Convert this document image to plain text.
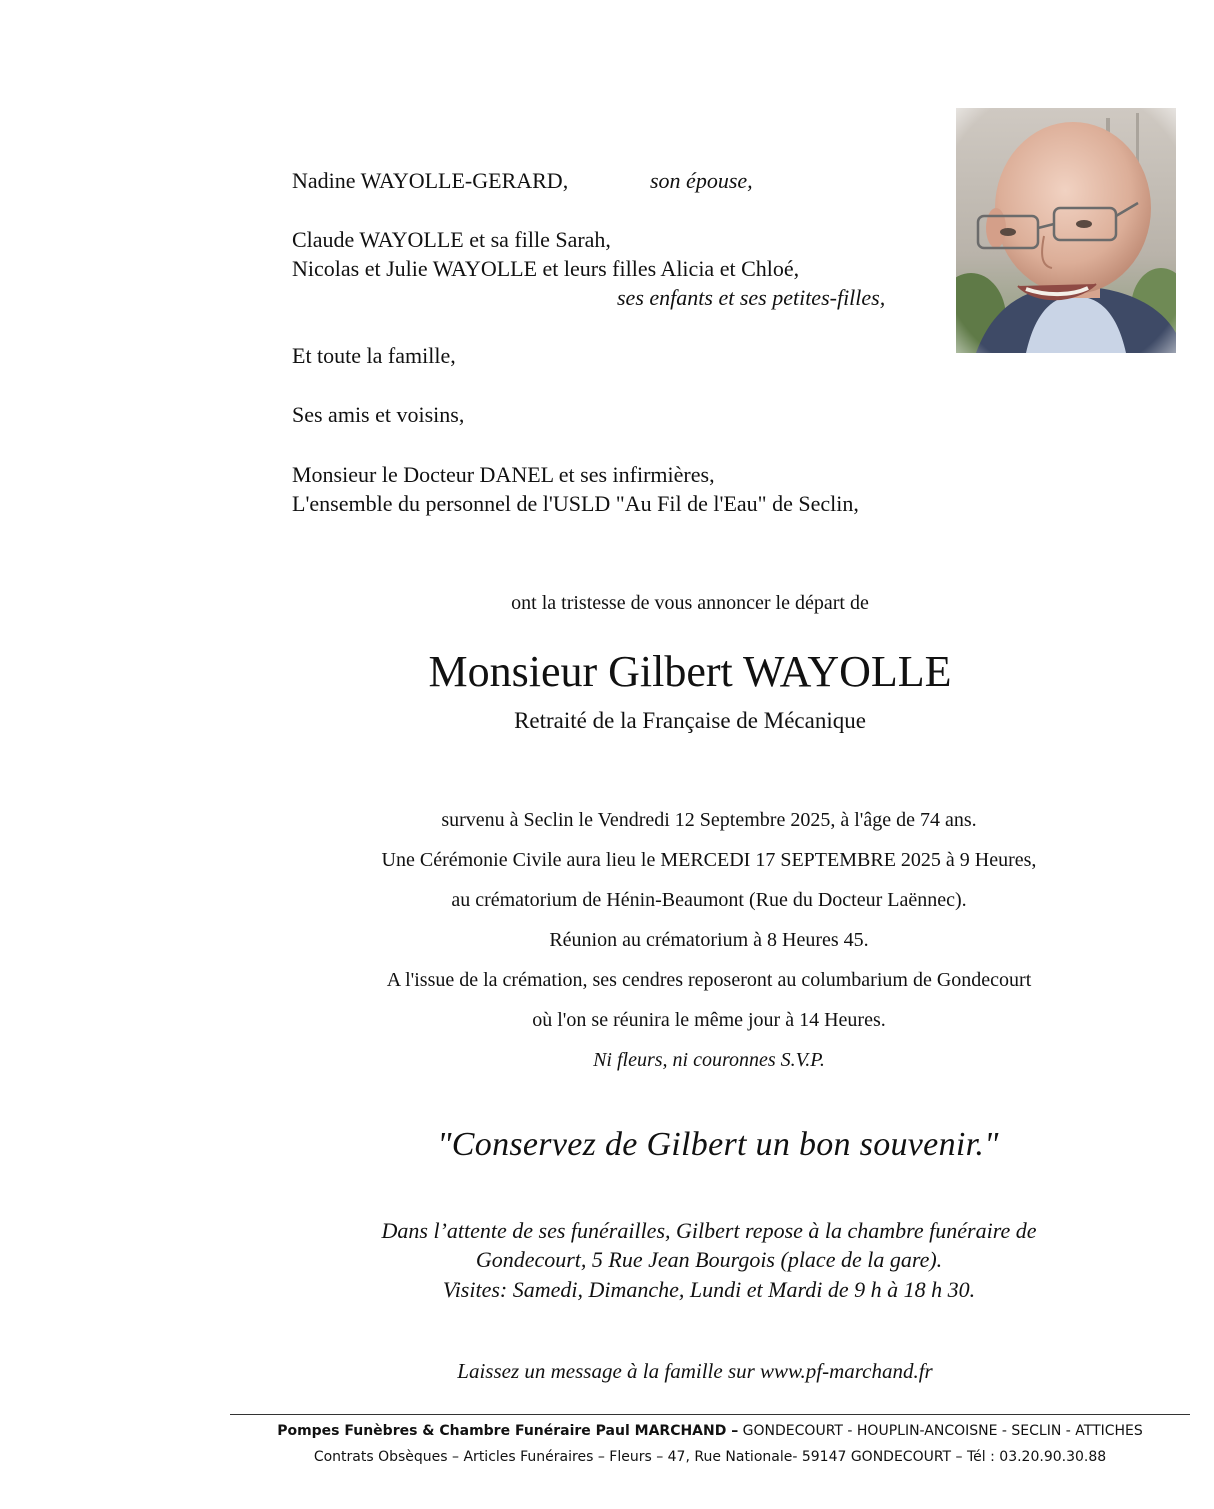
Nadine WAYOLLE-GERARD,	son épouse,
Claude WAYOLLE et sa fille Sarah,
Nicolas et Julie WAYOLLE et leurs filles Alicia et Chloé,
ses enfants et ses petites-filles,
Et toute la famille,
Ses amis et voisins,
Monsieur le Docteur DANEL et ses infirmières,
L'ensemble du personnel de l'USLD "Au Fil de l'Eau" de Seclin,
ont la tristesse de vous annoncer le départ de
Monsieur Gilbert WAYOLLE
Retraité de la Française de Mécanique
survenu à Seclin le Vendredi 12 Septembre 2025, à l'âge de 74 ans.
Une Cérémonie Civile aura lieu le MERCEDI 17 SEPTEMBRE 2025 à 9 Heures,
au crématorium de Hénin-Beaumont (Rue du Docteur Laënnec).
Réunion au crématorium à 8 Heures 45.
A l'issue de la crémation, ses cendres reposeront au columbarium de Gondecourt
où l'on se réunira le même jour à 14 Heures.
Ni fleurs, ni couronnes S.V.P.
"Conservez de Gilbert un bon souvenir."
Dans l’attente de ses funérailles, Gilbert repose à la chambre funéraire de
Gondecourt, 5 Rue Jean Bourgois (place de la gare).
Visites: Samedi, Dimanche, Lundi et Mardi de 9 h à 18 h 30.
Laissez un message à la famille sur www.pf-marchand.fr
Pompes Funèbres & Chambre Funéraire Paul MARCHAND – GONDECOURT - HOUPLIN-ANCOISNE - SECLIN - ATTICHES
Contrats Obsèques – Articles Funéraires – Fleurs – 47, Rue Nationale- 59147 GONDECOURT – Tél : 03.20.90.30.88
